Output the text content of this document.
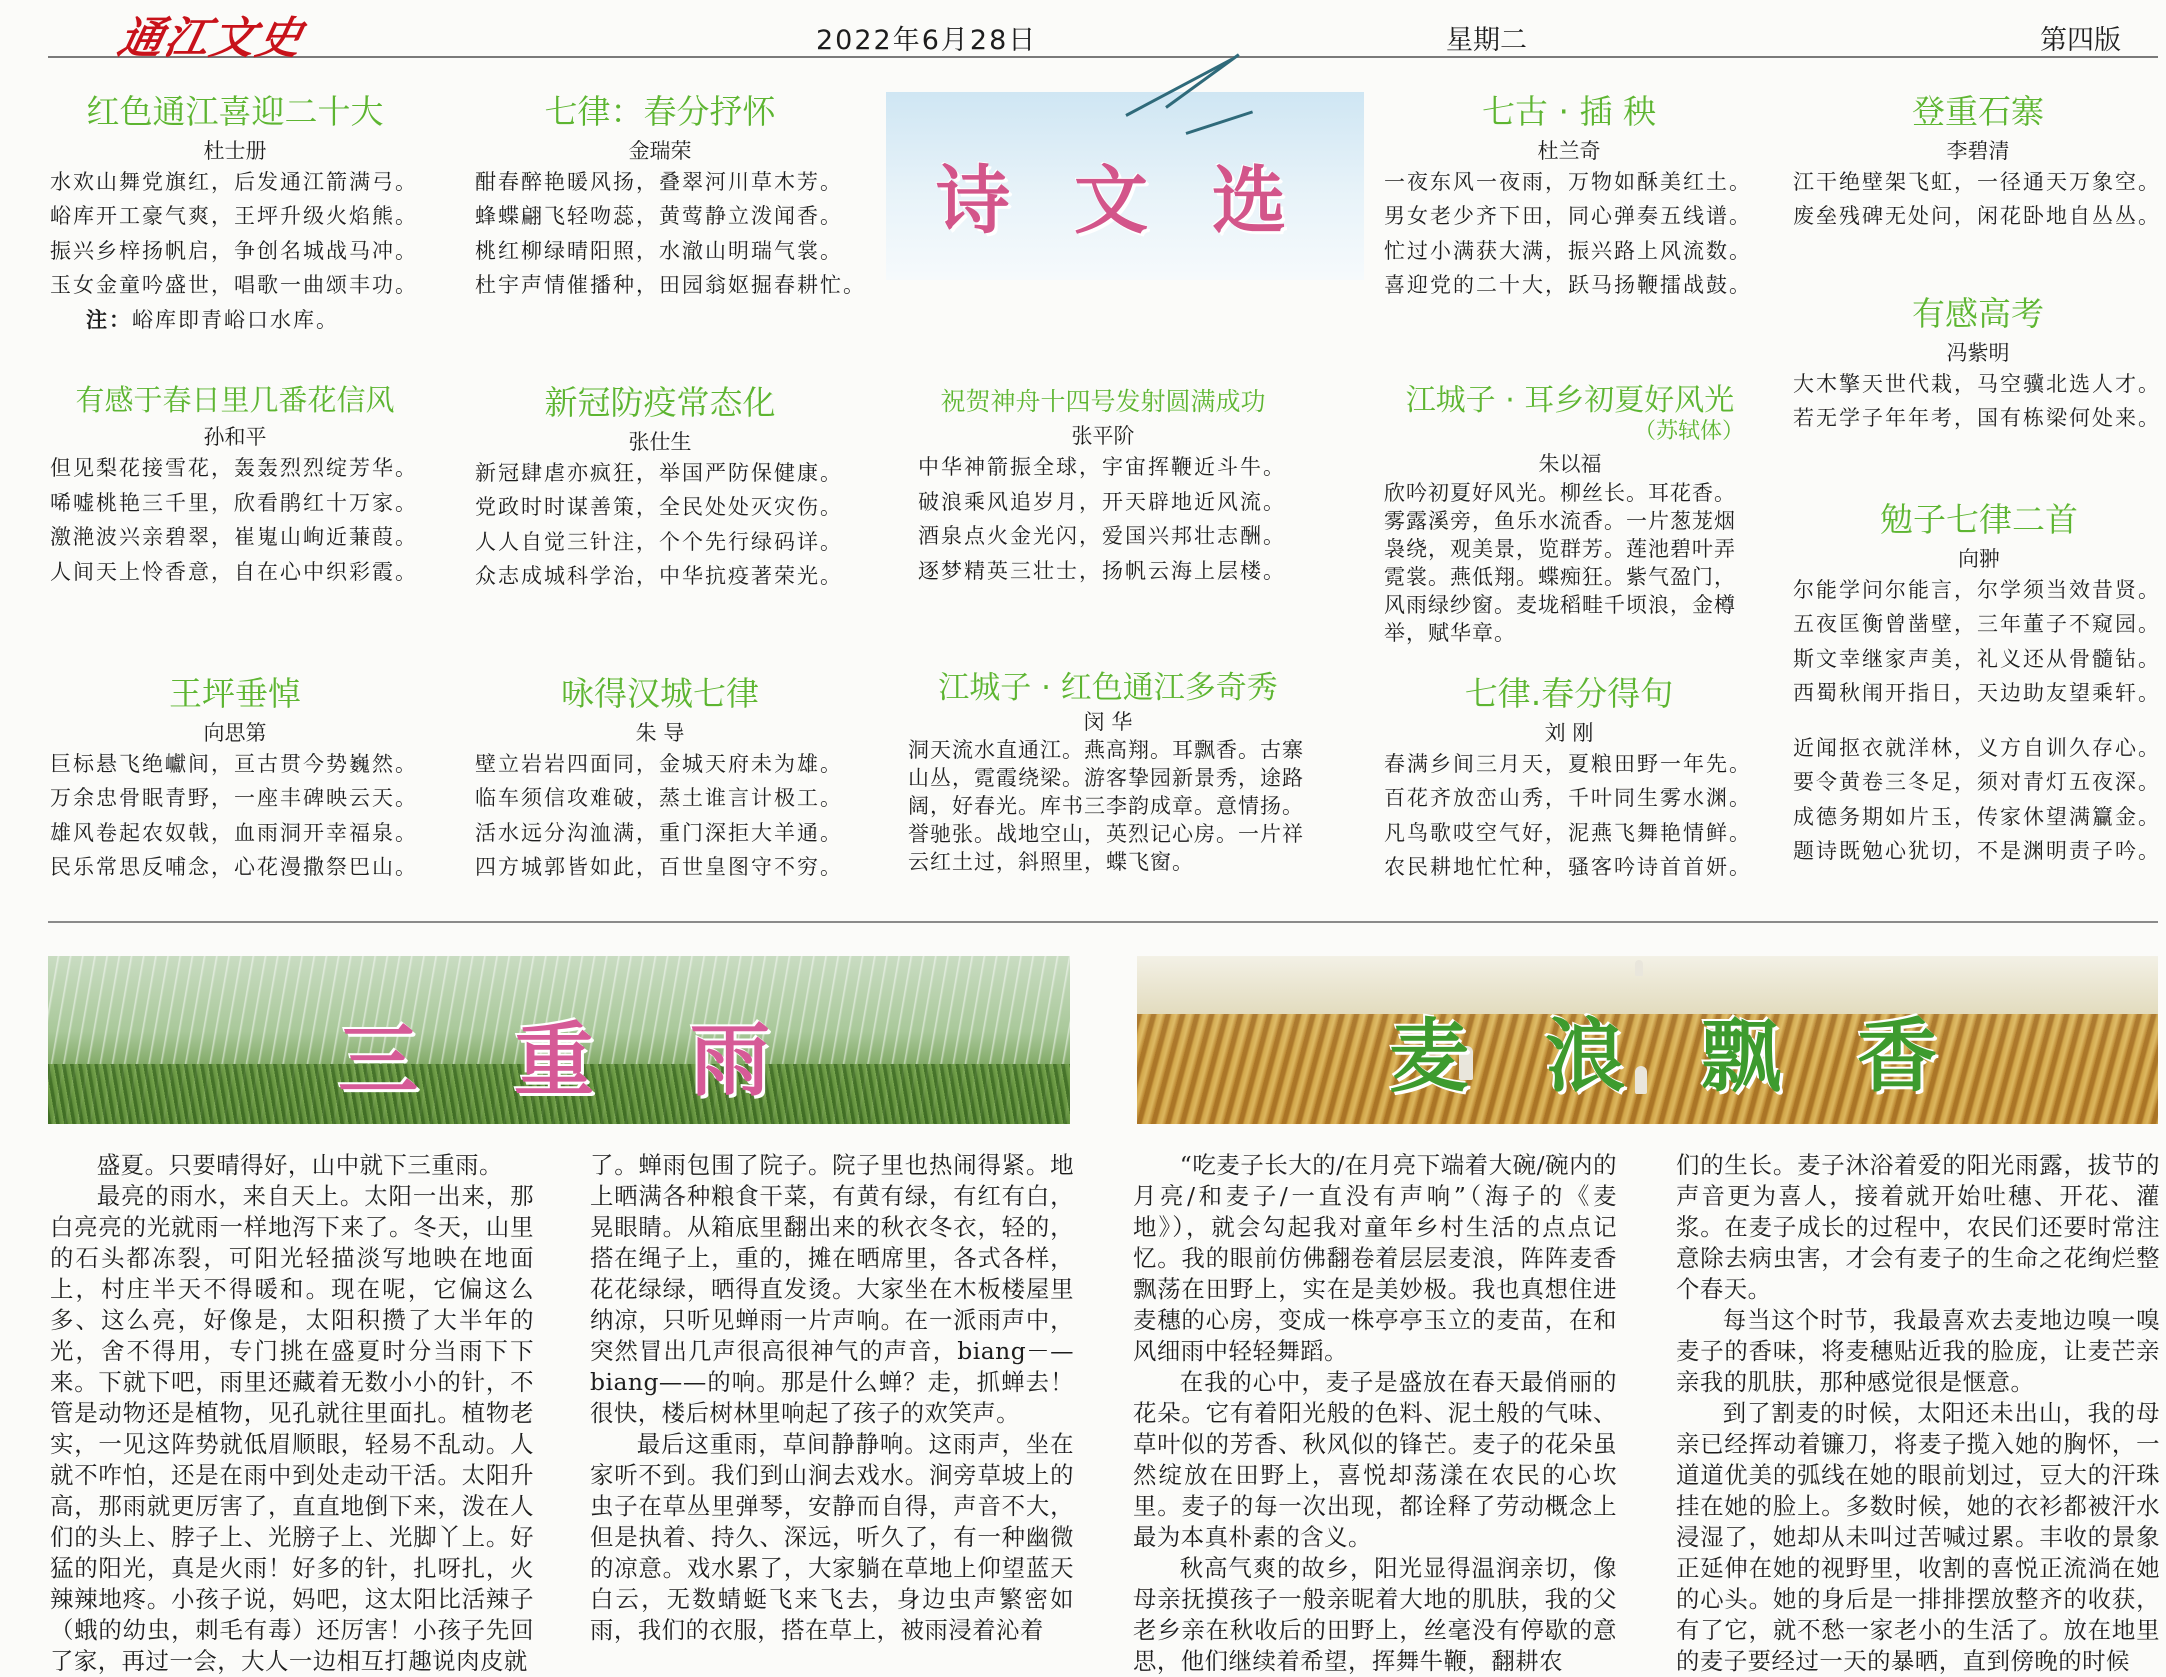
通江文史	2022年6月28日	星期二	第四版
红色通江喜迎二十大
杜士册
水欢山舞党旗红，后发通江箭满弓。
峪库开工豪气爽，王坪升级火焰熊。
振兴乡梓扬帆启，争创名城战马冲。
玉女金童吟盛世，唱歌一曲颂丰功。
注：峪库即青峪口水库。
七律：春分抒怀
金瑞荣
酣春醉艳暖风扬，叠翠河川草木芳。
蜂蝶翩飞轻吻蕊，黄莺静立泼闻香。
桃红柳绿晴阳照，水澈山明瑞气裳。
杜宇声情催播种，田园翁妪掘春耕忙。
诗文选
七古 · 插 秧
杜兰奇
一夜东风一夜雨，万物如酥美红土。
男女老少齐下田，同心弹奏五线谱。
忙过小满获大满，振兴路上风流数。
喜迎党的二十大，跃马扬鞭擂战鼓。
登重石寨
李碧清
江干绝壁架飞虹，一径通天万象空。
废垒残碑无处问，闲花卧地自丛丛。
有感高考
冯紫明
大木擎天世代栽，马空骥北选人才。
若无学子年年考，国有栋梁何处来。
有感于春日里几番花信风
孙和平
但见梨花接雪花，轰轰烈烈绽芳华。
唏嘘桃艳三千里，欣看鹃红十万家。
激滟波兴亲碧翠，崔嵬山峋近蒹葭。
人间天上怜香意，自在心中织彩霞。
新冠防疫常态化
张仕生
新冠肆虐亦疯狂，举国严防保健康。
党政时时谋善策，全民处处灭灾伤。
人人自觉三针注，个个先行绿码详。
众志成城科学治，中华抗疫著荣光。
祝贺神舟十四号发射圆满成功
张平阶
中华神箭振全球，宇宙挥鞭近斗牛。
破浪乘风追岁月，开天辟地近风流。
酒泉点火金光闪，爱国兴邦壮志酬。
逐梦精英三壮士，扬帆云海上层楼。
江城子 · 耳乡初夏好风光
（苏轼体）
朱以福
欣吟初夏好风光。柳丝长。耳花香。雾露溪旁，鱼乐水流香。一片葱茏烟袅绕，观美景，览群芳。莲池碧叶弄霓裳。燕低翔。蝶痴狂。紫气盈门，风雨绿纱窗。麦垅稻畦千顷浪，金樽举，赋华章。
勉子七律二首
向翀
尔能学问尔能言，尔学须当效昔贤。
五夜匡衡曾凿壁，三年董子不窥园。
斯文幸继家声美，礼义还从骨髓钻。
西蜀秋闱开指日，天边助友望乘轩。
近闻抠衣就洋林，义方自训久存心。
要令黄卷三冬足，须对青灯五夜深。
成德务期如片玉，传家休望满籯金。
题诗既勉心犹切，不是渊明责子吟。
王坪垂悼
向思第
巨标悬飞绝巘间，亘古贯今势巍然。
万余忠骨眠青野，一座丰碑映云天。
雄风卷起农奴戟，血雨洞开幸福泉。
民乐常思反哺念，心花漫撒祭巴山。
咏得汉城七律
朱 导
壁立岩岩四面同，金城天府未为雄。
临车须信攻难破，蒸土谁言计极工。
活水远分沟洫满，重门深拒大羊通。
四方城郭皆如此，百世皇图守不穷。
江城子 · 红色通江多奇秀
闵 华
洞天流水直通江。燕高翔。耳飘香。古寨山丛，霓霞绕梁。游客挚园新景秀，途路阔，好春光。库书三李韵成章。意情扬。誉驰张。战地空山，英烈记心房。一片祥云红土过，斜照里，蝶飞窗。
七律.春分得句
刘 刚
春满乡间三月天，夏粮田野一年先。
百花齐放峦山秀，千叶同生雾水渊。
凡鸟歌哎空气好，泥燕飞舞艳情鲜。
农民耕地忙忙种，骚客吟诗首首妍。
三重雨	麦浪飘香

盛夏。只要晴得好，山中就下三重雨。

最亮的雨水，来自天上。太阳一出来，那白亮亮的光就雨一样地泻下来了。冬天，山里的石头都冻裂，可阳光轻描淡写地映在地面上，村庄半天不得暖和。现在呢，它偏这么多、这么亮，好像是，太阳积攒了大半年的光，舍不得用，专门挑在盛夏时分当雨下下来。下就下吧，雨里还藏着无数小小的针，不管是动物还是植物，见孔就往里面扎。植物老实，一见这阵势就低眉顺眼，轻易不乱动。人就不咋怕，还是在雨中到处走动干活。太阳升高，那雨就更厉害了，直直地倒下来，泼在人们的头上、脖子上、光膀子上、光脚丫上。好猛的阳光，真是火雨！好多的针，扎呀扎，火辣辣地疼。小孩子说，妈吧，这太阳比活辣子（蛾的幼虫，刺毛有毒）还厉害！小孩子先回了家，再过一会，大人一边相互打趣说肉皮就

了。蝉雨包围了院子。院子里也热闹得紧。地上晒满各种粮食干菜，有黄有绿，有红有白，晃眼睛。从箱底里翻出来的秋衣冬衣，轻的，搭在绳子上，重的，摊在晒席里，各式各样，花花绿绿，晒得直发烫。大家坐在木板楼屋里纳凉，只听见蝉雨一片声响。在一派雨声中，突然冒出几声很高很神气的声音，biang－—biang——的响。那是什么蝉？走，抓蝉去！很快，楼后树林里响起了孩子的欢笑声。

最后这重雨，草间静静响。这雨声，坐在家听不到。我们到山涧去戏水。涧旁草坡上的虫子在草丛里弹琴，安静而自得，声音不大，但是执着、持久、深远，听久了，有一种幽微的凉意。戏水累了，大家躺在草地上仰望蓝天白云，无数蜻蜓飞来飞去，身边虫声繁密如雨，我们的衣服，搭在草上，被雨浸着沁着

“吃麦子长大的/在月亮下端着大碗/碗内的月亮/和麦子/一直没有声响”（海子的《麦地》），就会勾起我对童年乡村生活的点点记忆。我的眼前仿佛翻卷着层层麦浪，阵阵麦香飘荡在田野上，实在是美妙极。我也真想住进麦穗的心房，变成一株亭亭玉立的麦苗，在和风细雨中轻轻舞蹈。

在我的心中，麦子是盛放在春天最俏丽的花朵。它有着阳光般的色料、泥土般的气味、草叶似的芳香、秋风似的锋芒。麦子的花朵虽然绽放在田野上，喜悦却荡漾在农民的心坎里。麦子的每一次出现，都诠释了劳动概念上最为本真朴素的含义。

秋高气爽的故乡，阳光显得温润亲切，像母亲抚摸孩子一般亲昵着大地的肌肤，我的父老乡亲在秋收后的田野上，丝毫没有停歇的意思，他们继续着希望，挥舞牛鞭，翻耕农

们的生长。麦子沐浴着爱的阳光雨露，拔节的声音更为喜人，接着就开始吐穗、开花、灌浆。在麦子成长的过程中，农民们还要时常注意除去病虫害，才会有麦子的生命之花绚烂整个春天。

每当这个时节，我最喜欢去麦地边嗅一嗅麦子的香味，将麦穗贴近我的脸庞，让麦芒亲亲我的肌肤，那种感觉很是惬意。

到了割麦的时候，太阳还未出山，我的母亲已经挥动着镰刀，将麦子揽入她的胸怀，一道道优美的弧线在她的眼前划过，豆大的汗珠挂在她的脸上。多数时候，她的衣衫都被汗水浸湿了，她却从未叫过苦喊过累。丰收的景象正延伸在她的视野里，收割的喜悦正流淌在她的心头。她的身后是一排排摆放整齐的收获，有了它，就不愁一家老小的生活了。放在地里的麦子要经过一天的暴晒，直到傍晚的时候
